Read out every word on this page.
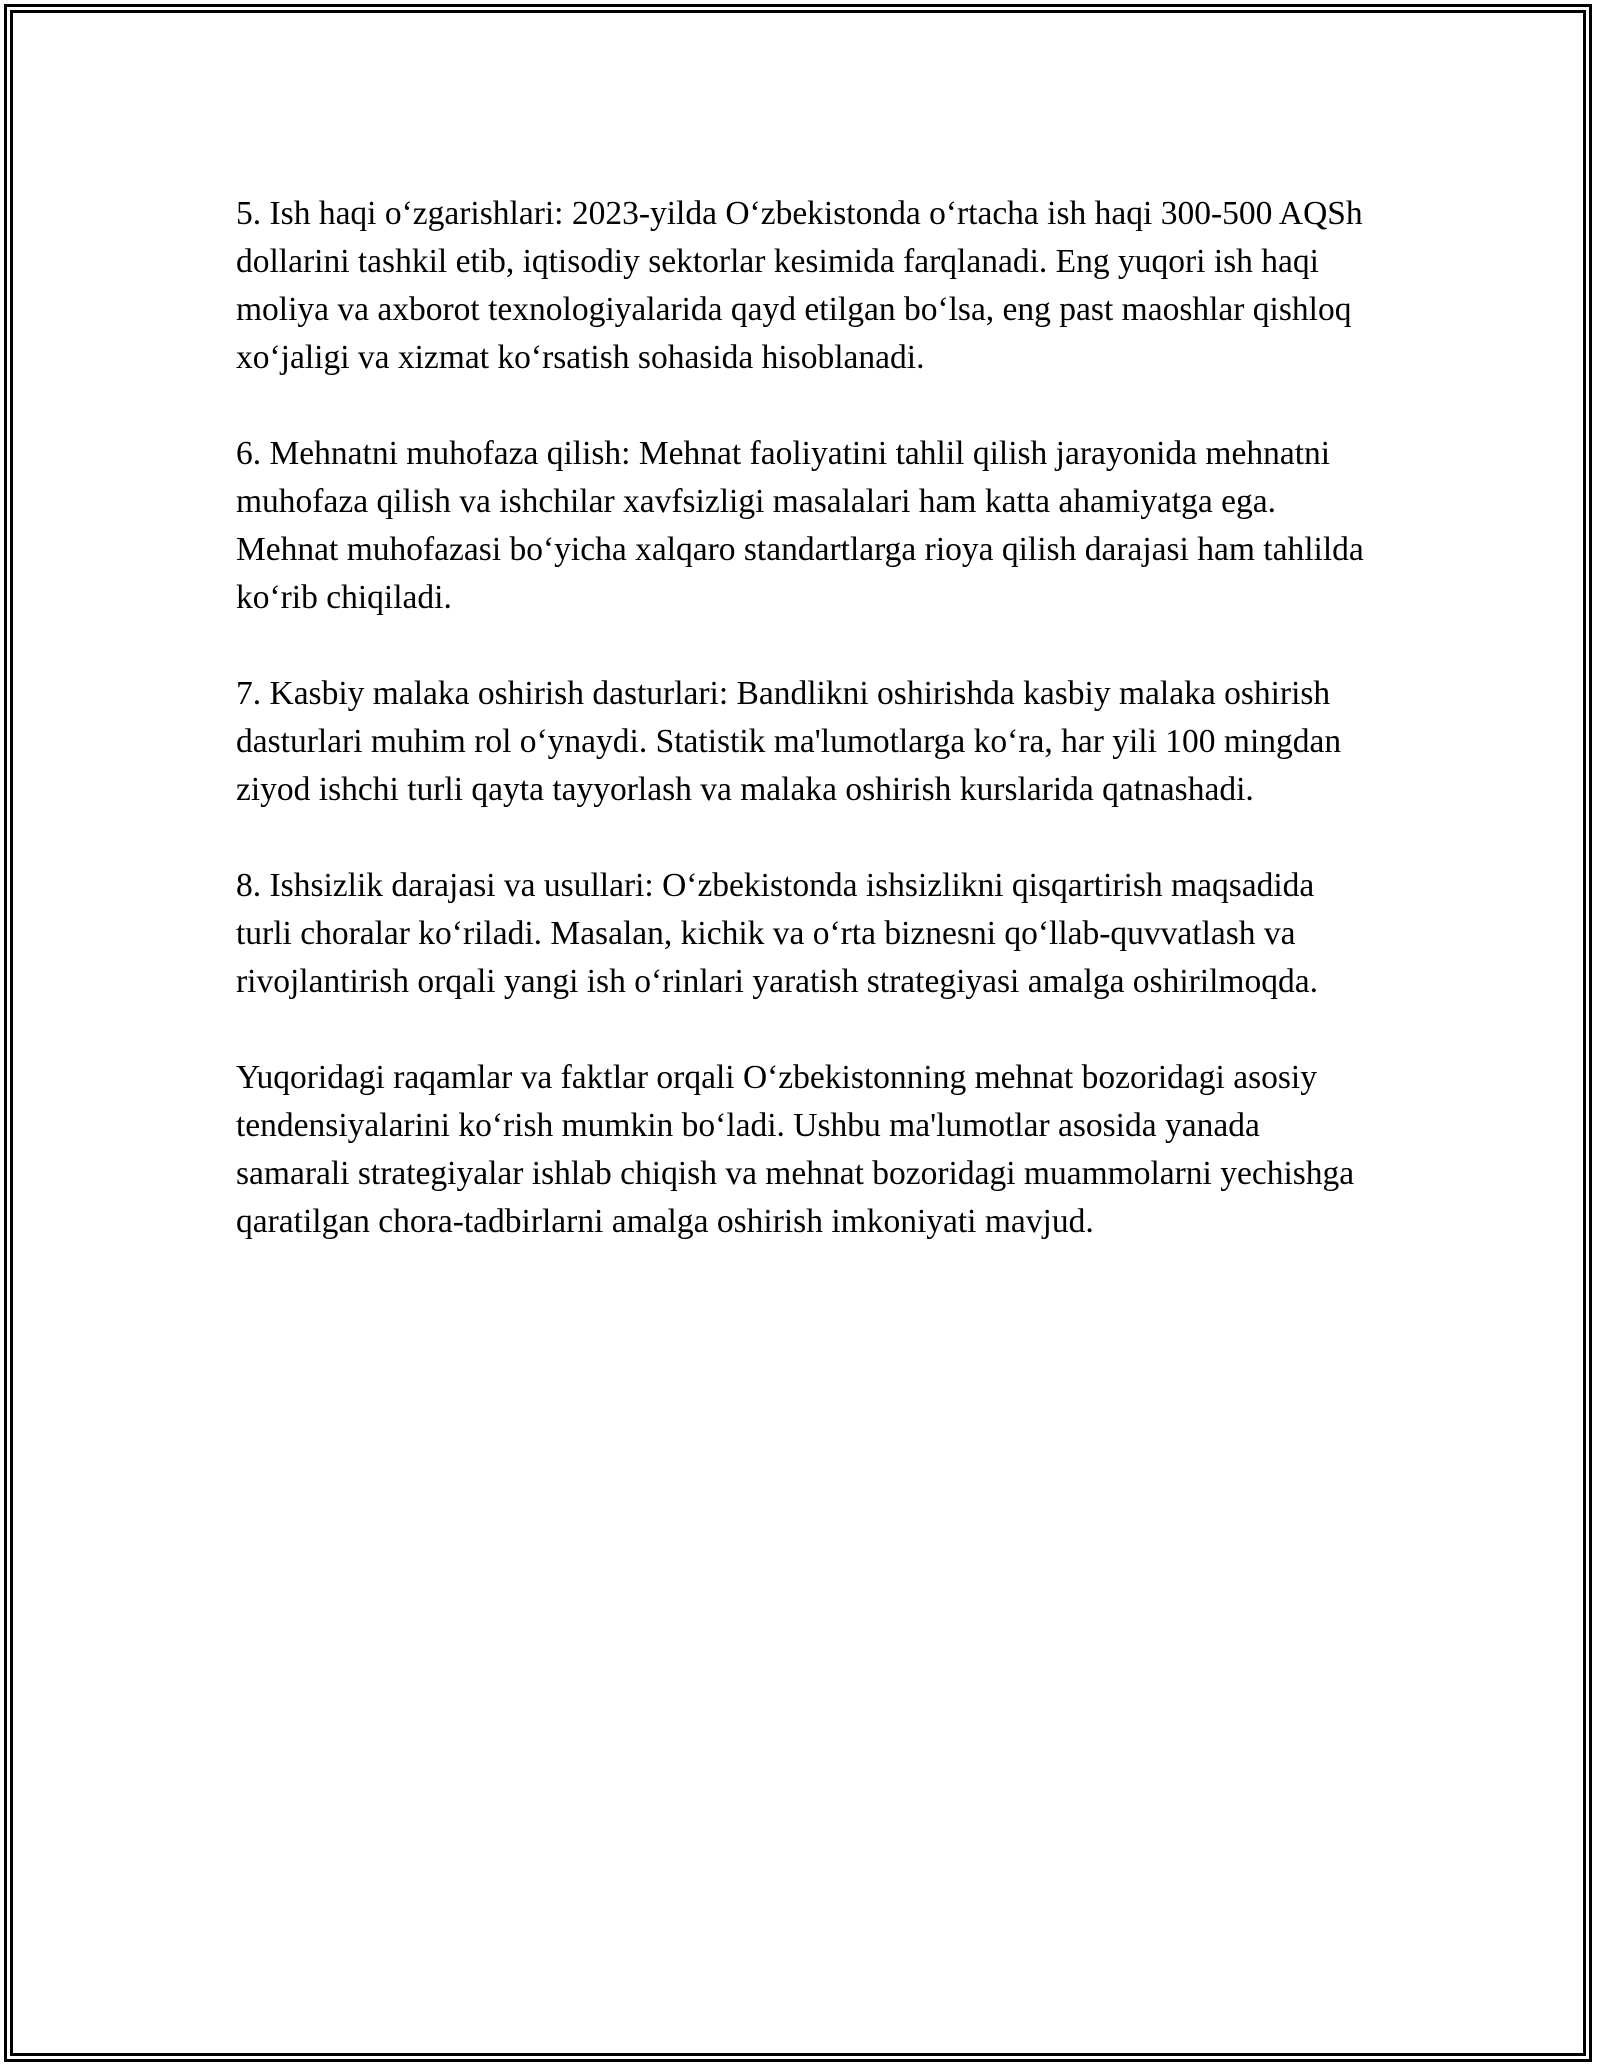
5. Ish haqi o‘zgarishlari: 2023-yilda O‘zbekistonda o‘rtacha ish haqi 300-500 AQSh dollarini tashkil etib, iqtisodiy sektorlar kesimida farqlanadi. Eng yuqori ish haqi moliya va axborot texnologiyalarida qayd etilgan bo‘lsa, eng past maoshlar qishloq xo‘jaligi va xizmat ko‘rsatish sohasida hisoblanadi.

6. Mehnatni muhofaza qilish: Mehnat faoliyatini tahlil qilish jarayonida mehnatni muhofaza qilish va ishchilar xavfsizligi masalalari ham katta ahamiyatga ega. Mehnat muhofazasi bo‘yicha xalqaro standartlarga rioya qilish darajasi ham tahlilda ko‘rib chiqiladi.

7. Kasbiy malaka oshirish dasturlari: Bandlikni oshirishda kasbiy malaka oshirish dasturlari muhim rol o‘ynaydi. Statistik ma'lumotlarga ko‘ra, har yili 100 mingdan ziyod ishchi turli qayta tayyorlash va malaka oshirish kurslarida qatnashadi.

8. Ishsizlik darajasi va usullari: O‘zbekistonda ishsizlikni qisqartirish maqsadida turli choralar ko‘riladi. Masalan, kichik va o‘rta biznesni qo‘llab-quvvatlash va rivojlantirish orqali yangi ish o‘rinlari yaratish strategiyasi amalga oshirilmoqda.

Yuqoridagi raqamlar va faktlar orqali O‘zbekistonning mehnat bozoridagi asosiy tendensiyalarini ko‘rish mumkin bo‘ladi. Ushbu ma'lumotlar asosida yanada samarali strategiyalar ishlab chiqish va mehnat bozoridagi muammolarni yechishga qaratilgan chora-tadbirlarni amalga oshirish imkoniyati mavjud.
